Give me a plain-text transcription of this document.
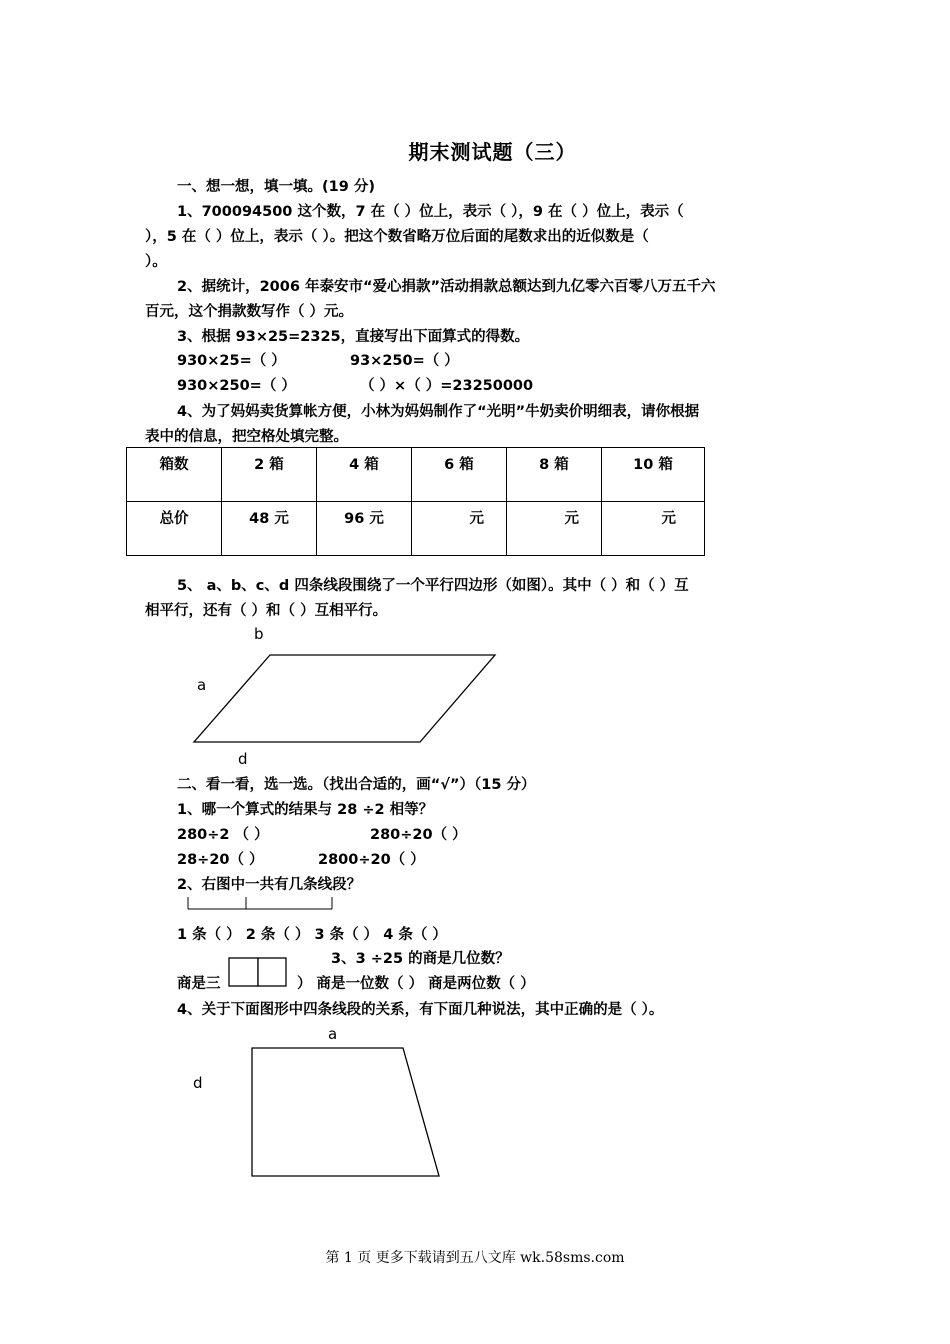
期末测试题（三）
一、想一想，填一填。(19 分)
1、700094500 这个数，7 在（ ）位上，表示（ ），9 在（ ）位上，表示（
），5 在（ ）位上，表示（ ）。把这个数省略万位后面的尾数求出的近似数是（
）。
2、据统计，2006 年泰安市“爱心捐款”活动捐款总额达到九亿零六百零八万五千六
百元，这个捐款数写作（ ）元。
3、根据 93×25=2325，直接写出下面算式的得数。
930×25=（ ）	93×250=（ ）
930×250=（ ）	（ ）×（ ）=23250000
4、为了妈妈卖货算帐方便，小林为妈妈制作了“光明”牛奶卖价明细表，请你根据
表中的信息，把空格处填完整。
箱数	2 箱	4 箱	6 箱	8 箱	10 箱
总价	48 元	96 元	元	元	元
5、 a、b、c、d 四条线段围绕了一个平行四边形（如图）。其中（ ）和（ ）互
相平行，还有（ ）和（ ）互相平行。
b
a
d
二、看一看，选一选。（找出合适的，画“√”）（15 分）
1、哪一个算式的结果与 28 ÷2 相等？
280÷2 （ ）	280÷20（ ）
28÷20（ ）	2800÷20（ ）
2、右图中一共有几条线段？
1 条（ ） 2 条（ ） 3 条（ ） 4 条（ ）
3、3 ÷25 的商是几位数？
商是三	） 商是一位数（ ） 商是两位数（ ）
4、关于下面图形中四条线段的关系，有下面几种说法，其中正确的是（ ）。
a
d
第 1 页 更多下载请到五八文库 wk.58sms.com
